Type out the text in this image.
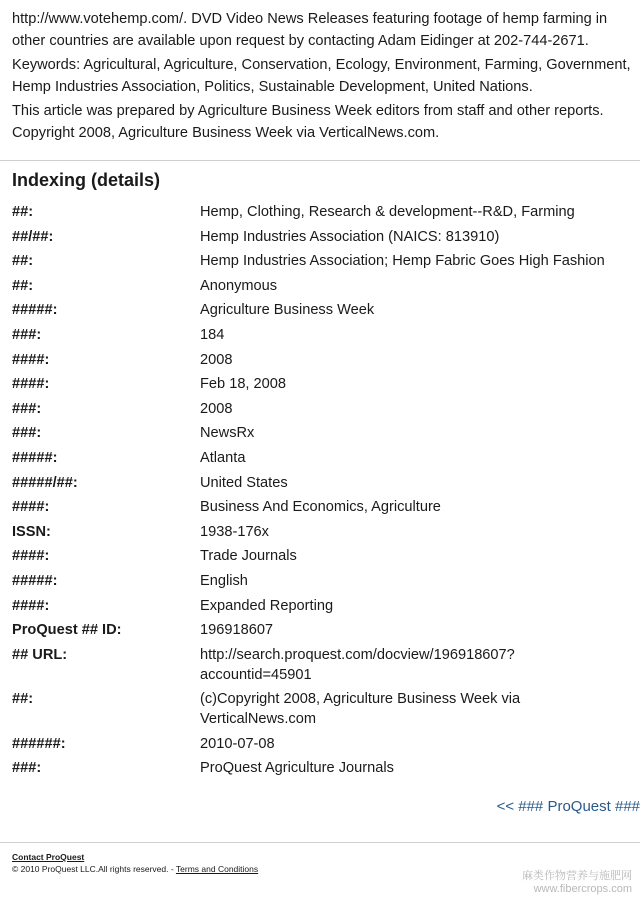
http://www.votehemp.com/. DVD Video News Releases featuring footage of hemp farming in other countries are available upon request by contacting Adam Eidinger at 202-744-2671.

Keywords: Agricultural, Agriculture, Conservation, Ecology, Environment, Farming, Government, Hemp Industries Association, Politics, Sustainable Development, United Nations.

This article was prepared by Agriculture Business Week editors from staff and other reports. Copyright 2008, Agriculture Business Week via VerticalNews.com.

Indexing (details)
##:	Hemp, Clothing, Research & development--R&D, Farming
##/##:	Hemp Industries Association (NAICS: 813910)
##:	Hemp Industries Association; Hemp Fabric Goes High Fashion
##:	Anonymous
#####:	Agriculture Business Week
###:	184
####:	2008
####:	Feb 18, 2008
###:	2008
###:	NewsRx
#####:	Atlanta
#####/##:	United States
####:	Business And Economics, Agriculture
ISSN:	1938-176x
####:	Trade Journals
#####:	English
####:	Expanded Reporting
ProQuest ## ID:	196918607
## URL:	http://search.proquest.com/docview/196918607?
accountid=45901
##:	(c)Copyright 2008, Agriculture Business Week via
VerticalNews.com
######:	2010-07-08
###:	ProQuest Agriculture Journals
<< ### ProQuest ###
Contact ProQuest
© 2010 ProQuest LLC.All rights reserved. - Terms and Conditions
麻类作物营养与施肥网
www.fibercrops.com
